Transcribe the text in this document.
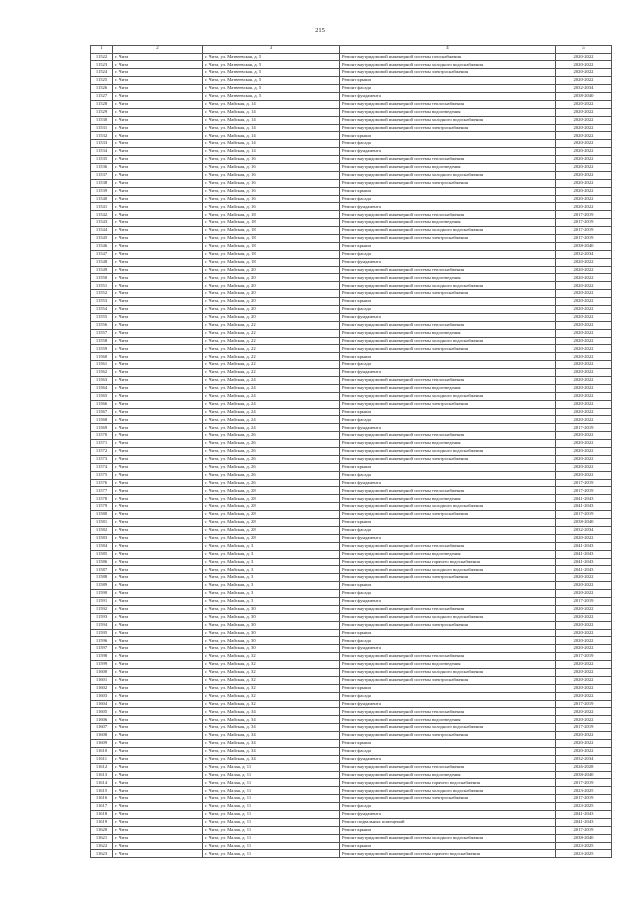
215
1	2	3	4	5
11522	г. Чита	г. Чита, ул. Матвеевская, д. 5	Ремонт внутридомовой инженерной системы газоснабжения	2020-2022
11523	г. Чита	г. Чита, ул. Матвеевская, д. 5	Ремонт внутридомовой инженерной системы холодного водоснабжения	2020-2022
11524	г. Чита	г. Чита, ул. Матвеевская, д. 5	Ремонт внутридомовой инженерной системы электроснабжения	2020-2022
11525	г. Чита	г. Чита, ул. Матвеевская, д. 5	Ремонт крыши	2020-2022
11526	г. Чита	г. Чита, ул. Матвеевская, д. 5	Ремонт фасада	2032-2034
11527	г. Чита	г. Чита, ул. Матвеевская, д. 5	Ремонт фундамента	2038-2040
11528	г. Чита	г. Чита, ул. Майская, д. 14	Ремонт внутридомовой инженерной системы теплоснабжения	2020-2022
11529	г. Чита	г. Чита, ул. Майская, д. 14	Ремонт внутридомовой инженерной системы водоотведения	2020-2022
11530	г. Чита	г. Чита, ул. Майская, д. 14	Ремонт внутридомовой инженерной системы холодного водоснабжения	2020-2022
11531	г. Чита	г. Чита, ул. Майская, д. 14	Ремонт внутридомовой инженерной системы электроснабжения	2020-2022
11532	г. Чита	г. Чита, ул. Майская, д. 14	Ремонт крыши	2020-2022
11533	г. Чита	г. Чита, ул. Майская, д. 14	Ремонт фасада	2020-2022
11534	г. Чита	г. Чита, ул. Майская, д. 14	Ремонт фундамента	2020-2022
11535	г. Чита	г. Чита, ул. Майская, д. 16	Ремонт внутридомовой инженерной системы теплоснабжения	2020-2022
11536	г. Чита	г. Чита, ул. Майская, д. 16	Ремонт внутридомовой инженерной системы водоотведения	2020-2022
11537	г. Чита	г. Чита, ул. Майская, д. 16	Ремонт внутридомовой инженерной системы холодного водоснабжения	2020-2022
11538	г. Чита	г. Чита, ул. Майская, д. 16	Ремонт внутридомовой инженерной системы электроснабжения	2020-2022
11539	г. Чита	г. Чита, ул. Майская, д. 16	Ремонт крыши	2020-2022
11540	г. Чита	г. Чита, ул. Майская, д. 16	Ремонт фасада	2020-2022
11541	г. Чита	г. Чита, ул. Майская, д. 16	Ремонт фундамента	2020-2022
11542	г. Чита	г. Чита, ул. Майская, д. 18	Ремонт внутридомовой инженерной системы теплоснабжения	2017-2019
11543	г. Чита	г. Чита, ул. Майская, д. 18	Ремонт внутридомовой инженерной системы водоотведения	2017-2019
11544	г. Чита	г. Чита, ул. Майская, д. 18	Ремонт внутридомовой инженерной системы холодного водоснабжения	2017-2019
11545	г. Чита	г. Чита, ул. Майская, д. 18	Ремонт внутридомовой инженерной системы электроснабжения	2017-2019
11546	г. Чита	г. Чита, ул. Майская, д. 18	Ремонт крыши	2038-2040
11547	г. Чита	г. Чита, ул. Майская, д. 18	Ремонт фасада	2032-2034
11548	г. Чита	г. Чита, ул. Майская, д. 18	Ремонт фундамента	2020-2022
11549	г. Чита	г. Чита, ул. Майская, д. 20	Ремонт внутридомовой инженерной системы теплоснабжения	2020-2022
11550	г. Чита	г. Чита, ул. Майская, д. 20	Ремонт внутридомовой инженерной системы водоотведения	2020-2022
11551	г. Чита	г. Чита, ул. Майская, д. 20	Ремонт внутридомовой инженерной системы холодного водоснабжения	2020-2022
11552	г. Чита	г. Чита, ул. Майская, д. 20	Ремонт внутридомовой инженерной системы электроснабжения	2020-2022
11553	г. Чита	г. Чита, ул. Майская, д. 20	Ремонт крыши	2020-2022
11554	г. Чита	г. Чита, ул. Майская, д. 20	Ремонт фасада	2020-2022
11555	г. Чита	г. Чита, ул. Майская, д. 20	Ремонт фундамента	2020-2022
11556	г. Чита	г. Чита, ул. Майская, д. 22	Ремонт внутридомовой инженерной системы теплоснабжения	2020-2022
11557	г. Чита	г. Чита, ул. Майская, д. 22	Ремонт внутридомовой инженерной системы водоотведения	2020-2022
11558	г. Чита	г. Чита, ул. Майская, д. 22	Ремонт внутридомовой инженерной системы холодного водоснабжения	2020-2022
11559	г. Чита	г. Чита, ул. Майская, д. 22	Ремонт внутридомовой инженерной системы электроснабжения	2020-2022
11560	г. Чита	г. Чита, ул. Майская, д. 22	Ремонт крыши	2020-2022
11561	г. Чита	г. Чита, ул. Майская, д. 22	Ремонт фасада	2020-2022
11562	г. Чита	г. Чита, ул. Майская, д. 22	Ремонт фундамента	2020-2022
11563	г. Чита	г. Чита, ул. Майская, д. 24	Ремонт внутридомовой инженерной системы теплоснабжения	2020-2022
11564	г. Чита	г. Чита, ул. Майская, д. 24	Ремонт внутридомовой инженерной системы водоотведения	2020-2022
11565	г. Чита	г. Чита, ул. Майская, д. 24	Ремонт внутридомовой инженерной системы холодного водоснабжения	2020-2022
11566	г. Чита	г. Чита, ул. Майская, д. 24	Ремонт внутридомовой инженерной системы электроснабжения	2020-2022
11567	г. Чита	г. Чита, ул. Майская, д. 24	Ремонт крыши	2020-2022
11568	г. Чита	г. Чита, ул. Майская, д. 24	Ремонт фасада	2020-2022
11569	г. Чита	г. Чита, ул. Майская, д. 24	Ремонт фундамента	2017-2019
11570	г. Чита	г. Чита, ул. Майская, д. 26	Ремонт внутридомовой инженерной системы теплоснабжения	2020-2022
11571	г. Чита	г. Чита, ул. Майская, д. 26	Ремонт внутридомовой инженерной системы водоотведения	2020-2022
11572	г. Чита	г. Чита, ул. Майская, д. 26	Ремонт внутридомовой инженерной системы холодного водоснабжения	2020-2022
11573	г. Чита	г. Чита, ул. Майская, д. 26	Ремонт внутридомовой инженерной системы электроснабжения	2020-2022
11574	г. Чита	г. Чита, ул. Майская, д. 26	Ремонт крыши	2020-2022
11575	г. Чита	г. Чита, ул. Майская, д. 26	Ремонт фасада	2020-2022
11576	г. Чита	г. Чита, ул. Майская, д. 26	Ремонт фундамента	2017-2019
11577	г. Чита	г. Чита, ул. Майская, д. 28	Ремонт внутридомовой инженерной системы теплоснабжения	2017-2019
11578	г. Чита	г. Чита, ул. Майская, д. 28	Ремонт внутридомовой инженерной системы водоотведения	2041-2043
11579	г. Чита	г. Чита, ул. Майская, д. 28	Ремонт внутридомовой инженерной системы холодного водоснабжения	2041-2043
11580	г. Чита	г. Чита, ул. Майская, д. 28	Ремонт внутридомовой инженерной системы электроснабжения	2017-2019
11581	г. Чита	г. Чита, ул. Майская, д. 28	Ремонт крыши	2038-2040
11582	г. Чита	г. Чита, ул. Майская, д. 28	Ремонт фасада	2032-2034
11583	г. Чита	г. Чита, ул. Майская, д. 28	Ремонт фундамента	2020-2022
11584	г. Чита	г. Чита, ул. Майская, д. 3	Ремонт внутридомовой инженерной системы теплоснабжения	2041-2043
11585	г. Чита	г. Чита, ул. Майская, д. 3	Ремонт внутридомовой инженерной системы водоотведения	2041-2043
11586	г. Чита	г. Чита, ул. Майская, д. 3	Ремонт внутридомовой инженерной системы горячего водоснабжения	2041-2043
11587	г. Чита	г. Чита, ул. Майская, д. 3	Ремонт внутридомовой инженерной системы холодного водоснабжения	2041-2043
11588	г. Чита	г. Чита, ул. Майская, д. 3	Ремонт внутридомовой инженерной системы электроснабжения	2020-2022
11589	г. Чита	г. Чита, ул. Майская, д. 3	Ремонт крыши	2020-2022
11590	г. Чита	г. Чита, ул. Майская, д. 3	Ремонт фасада	2020-2022
11591	г. Чита	г. Чита, ул. Майская, д. 3	Ремонт фундамента	2017-2019
11592	г. Чита	г. Чита, ул. Майская, д. 30	Ремонт внутридомовой инженерной системы теплоснабжения	2020-2022
11593	г. Чита	г. Чита, ул. Майская, д. 30	Ремонт внутридомовой инженерной системы холодного водоснабжения	2020-2022
11594	г. Чита	г. Чита, ул. Майская, д. 30	Ремонт внутридомовой инженерной системы электроснабжения	2020-2022
11595	г. Чита	г. Чита, ул. Майская, д. 30	Ремонт крыши	2020-2022
11596	г. Чита	г. Чита, ул. Майская, д. 30	Ремонт фасада	2020-2022
11597	г. Чита	г. Чита, ул. Майская, д. 30	Ремонт фундамента	2020-2022
11598	г. Чита	г. Чита, ул. Майская, д. 32	Ремонт внутридомовой инженерной системы теплоснабжения	2017-2019
11599	г. Чита	г. Чита, ул. Майская, д. 32	Ремонт внутридомовой инженерной системы водоотведения	2020-2022
11600	г. Чита	г. Чита, ул. Майская, д. 32	Ремонт внутридомовой инженерной системы холодного водоснабжения	2020-2022
11601	г. Чита	г. Чита, ул. Майская, д. 32	Ремонт внутридомовой инженерной системы электроснабжения	2020-2022
11602	г. Чита	г. Чита, ул. Майская, д. 32	Ремонт крыши	2020-2022
11603	г. Чита	г. Чита, ул. Майская, д. 32	Ремонт фасада	2020-2022
11604	г. Чита	г. Чита, ул. Майская, д. 32	Ремонт фундамента	2017-2019
11605	г. Чита	г. Чита, ул. Майская, д. 34	Ремонт внутридомовой инженерной системы теплоснабжения	2020-2022
11606	г. Чита	г. Чита, ул. Майская, д. 34	Ремонт внутридомовой инженерной системы водоотведения	2020-2022
11607	г. Чита	г. Чита, ул. Майская, д. 34	Ремонт внутридомовой инженерной системы холодного водоснабжения	2017-2019
11608	г. Чита	г. Чита, ул. Майская, д. 34	Ремонт внутридомовой инженерной системы электроснабжения	2020-2022
11609	г. Чита	г. Чита, ул. Майская, д. 34	Ремонт крыши	2020-2022
11610	г. Чита	г. Чита, ул. Майская, д. 34	Ремонт фасада	2020-2022
11611	г. Чита	г. Чита, ул. Майская, д. 34	Ремонт фундамента	2032-2034
11612	г. Чита	г. Чита, ул. Малая, д. 11	Ремонт внутридомовой инженерной системы теплоснабжения	2026-2028
11613	г. Чита	г. Чита, ул. Малая, д. 11	Ремонт внутридомовой инженерной системы водоотведения	2038-2040
11614	г. Чита	г. Чита, ул. Малая, д. 11	Ремонт внутридомовой инженерной системы горячего водоснабжения	2017-2019
11615	г. Чита	г. Чита, ул. Малая, д. 11	Ремонт внутридомовой инженерной системы холодного водоснабжения	2023-2025
11616	г. Чита	г. Чита, ул. Малая, д. 11	Ремонт внутридомовой инженерной системы электроснабжения	2017-2019
11617	г. Чита	г. Чита, ул. Малая, д. 11	Ремонт фасада	2023-2025
11618	г. Чита	г. Чита, ул. Малая, д. 11	Ремонт фундамента	2041-2043
11619	г. Чита	г. Чита, ул. Малая, д. 11	Ремонт подвальных помещений	2041-2043
11620	г. Чита	г. Чита, ул. Малая, д. 11	Ремонт крыши	2017-2019
11621	г. Чита	г. Чита, ул. Малая, д. 11	Ремонт внутридомовой инженерной системы холодного водоснабжения	2038-2040
11622	г. Чита	г. Чита, ул. Малая, д. 11	Ремонт крыши	2023-2025
11623	г. Чита	г. Чита, ул. Малая, д. 11	Ремонт внутридомовой инженерной системы горячего водоснабжения	2023-2025
